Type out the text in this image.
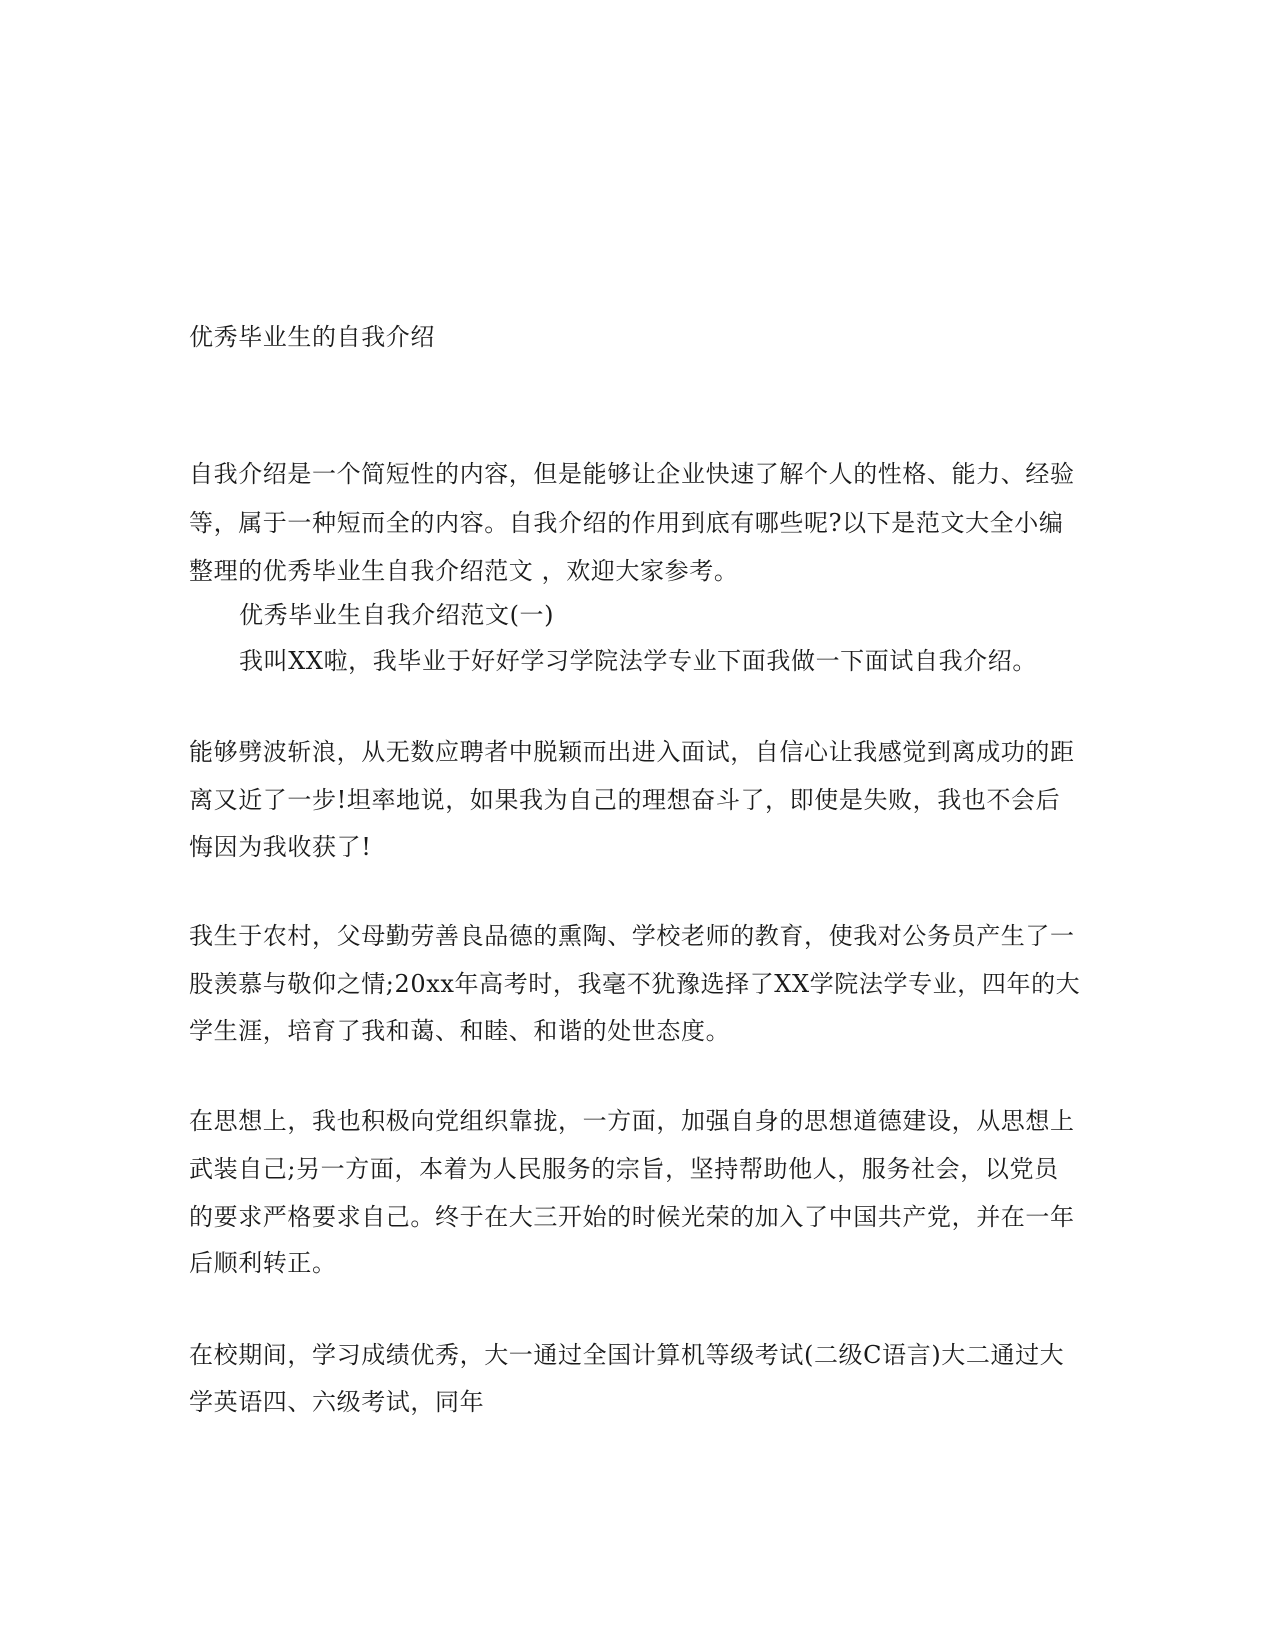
优秀毕业生的自我介绍
自我介绍是一个简短性的内容，但是能够让企业快速了解个人的性格、能力、经验
等，属于一种短而全的内容。自我介绍的作用到底有哪些呢?以下是范文大全小编
整理的优秀毕业生自我介绍范文 ，欢迎大家参考。
优秀毕业生自我介绍范文(一)
我叫XX啦，我毕业于好好学习学院法学专业下面我做一下面试自我介绍。
能够劈波斩浪，从无数应聘者中脱颖而出进入面试，自信心让我感觉到离成功的距
离又近了一步!坦率地说，如果我为自己的理想奋斗了，即使是失败，我也不会后
悔因为我收获了!
我生于农村，父母勤劳善良品德的熏陶、学校老师的教育，使我对公务员产生了一
股羡慕与敬仰之情;20xx年高考时，我毫不犹豫选择了XX学院法学专业，四年的大
学生涯，培育了我和蔼、和睦、和谐的处世态度。
在思想上，我也积极向党组织靠拢，一方面，加强自身的思想道德建设，从思想上
武装自己;另一方面，本着为人民服务的宗旨，坚持帮助他人，服务社会，以党员
的要求严格要求自己。终于在大三开始的时候光荣的加入了中国共产党，并在一年
后顺利转正。
在校期间，学习成绩优秀，大一通过全国计算机等级考试(二级C语言)大二通过大
学英语四、六级考试，同年
